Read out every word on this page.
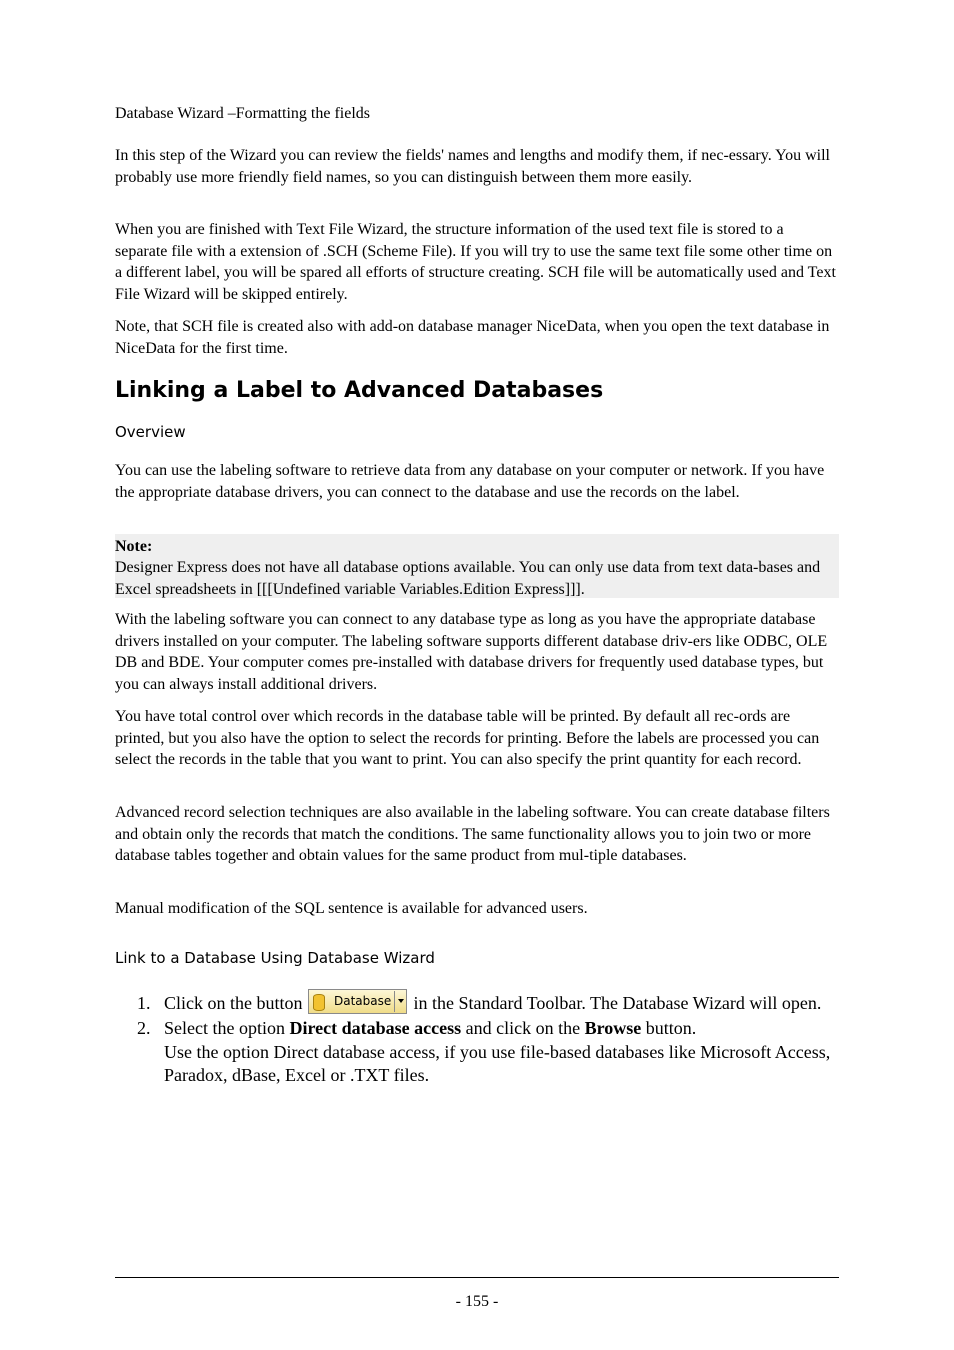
Database Wizard –Formatting the fields

In this step of the Wizard you can review the fields' names and lengths and modify them, if nec-essary. You will probably use more friendly field names, so you can distinguish between them more easily.

When you are finished with Text File Wizard, the structure information of the used text file is stored to a separate file with a extension of .SCH (Scheme File). If you will try to use the same text file some other time on a different label, you will be spared all efforts of structure creating. SCH file will be automatically used and Text File Wizard will be skipped entirely.

Note, that SCH file is created also with add-on database manager NiceData, when you open the text database in NiceData for the first time.

Linking a Label to Advanced Databases

Overview

You can use the labeling software to retrieve data from any database on your computer or network. If you have the appropriate database drivers, you can connect to the database and use the records on the label.

Note:

Designer Express does not have all database options available. You can only use data from text data-bases and Excel spreadsheets in [[[Undefined variable Variables.Edition Express]]].

With the labeling software you can connect to any database type as long as you have the appropriate database drivers installed on your computer. The labeling software supports different database driv-ers like ODBC, OLE DB and BDE. Your computer comes pre-installed with database drivers for frequently used database types, but you can always install additional drivers.

You have total control over which records in the database table will be printed. By default all rec-ords are printed, but you also have the option to select the records for printing. Before the labels are processed you can select the records in the table that you want to print. You can also specify the print quantity for each record.

Advanced record selection techniques are also available in the labeling software. You can create database filters and obtain only the records that match the conditions. The same functionality allows you to join two or more database tables together and obtain values for the same product from mul-tiple databases.

Manual modification of the SQL sentence is available for advanced users.

Link to a Database Using Database Wizard

1. Click on the button	Database in the Standard Toolbar. The Database Wizard will open.
2. Select the option Direct database access and click on the Browse button.
Use the option Direct database access, if you use file-based databases like Microsoft Access, Paradox, dBase, Excel or .TXT files.

- 155 -
